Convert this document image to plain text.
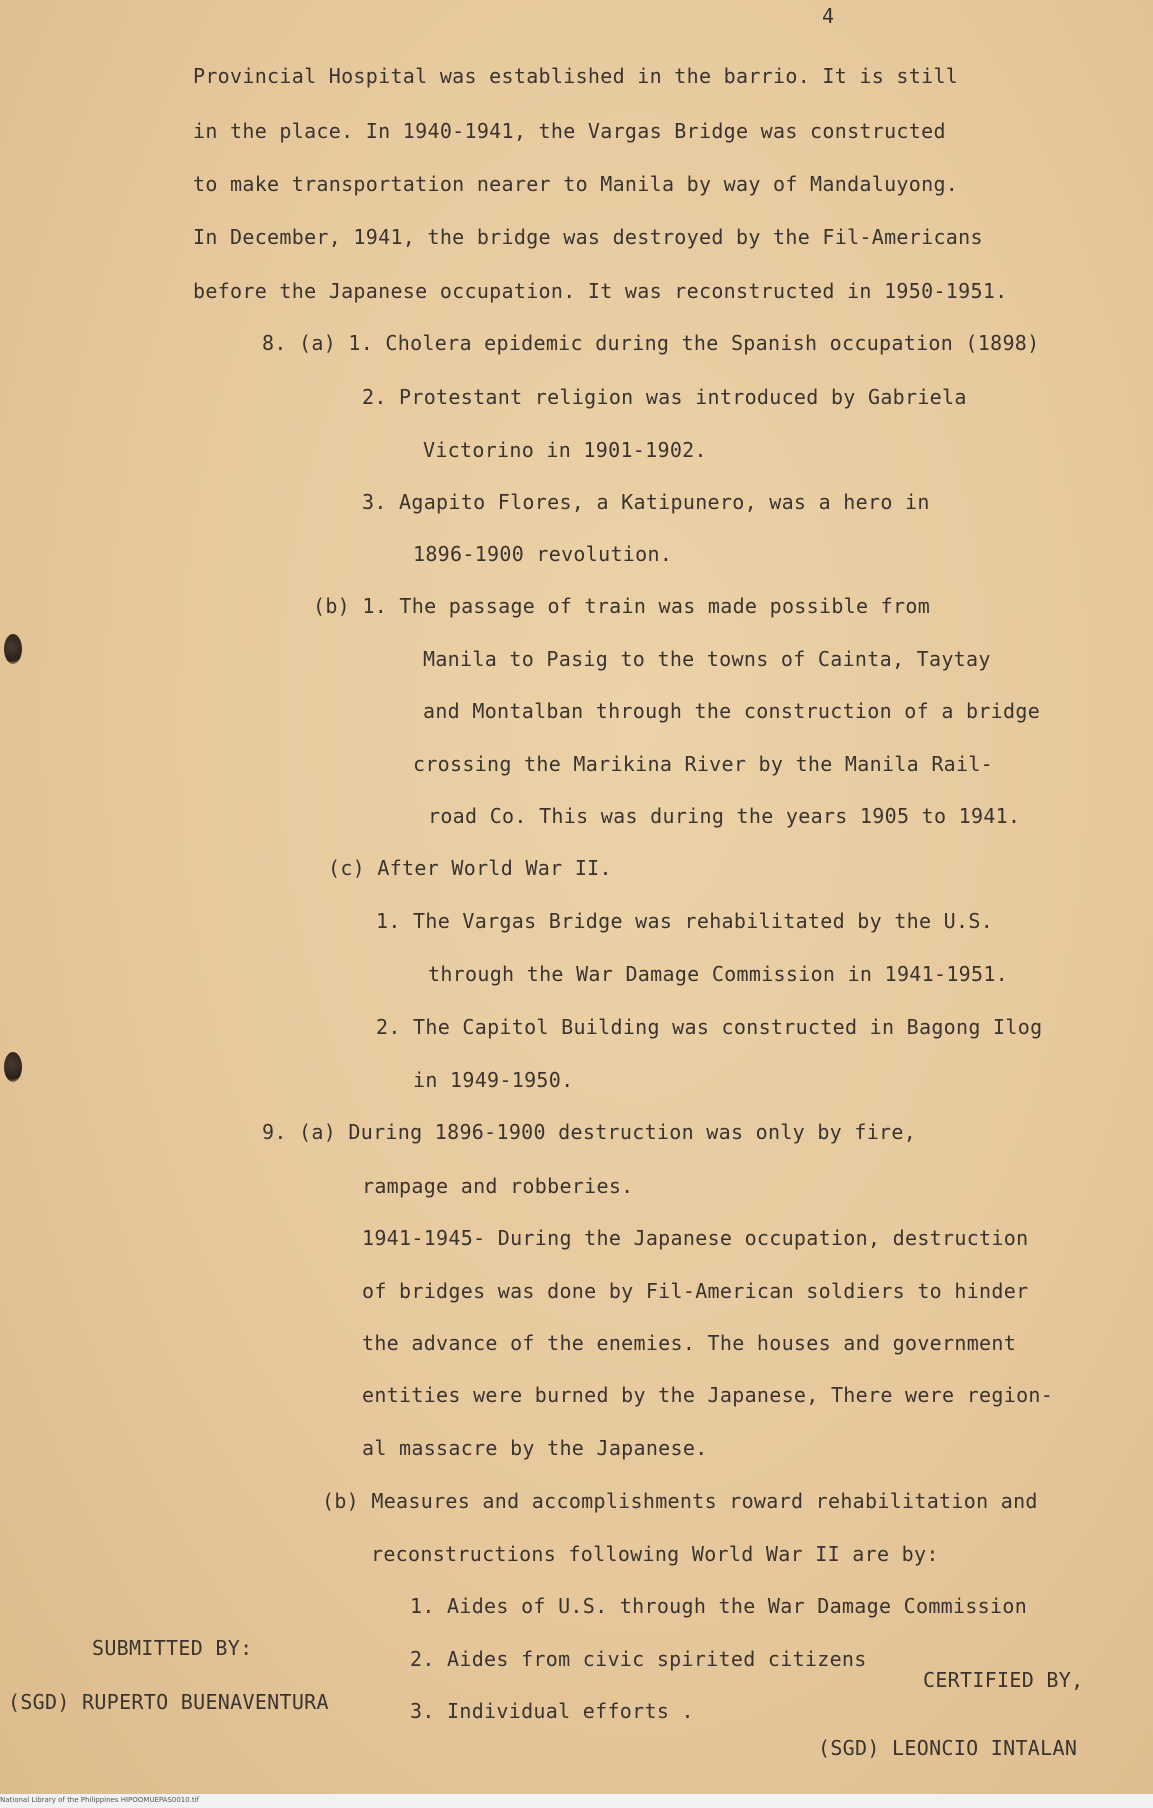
4
Provincial Hospital was established in the barrio. It is still
in the place. In 1940-1941, the Vargas Bridge was constructed
to make transportation nearer to Manila by way of Mandaluyong.
In December, 1941, the bridge was destroyed by the Fil-Americans
before the Japanese occupation. It was reconstructed in 1950-1951.
8. (a) 1. Cholera epidemic during the Spanish occupation (1898)
2. Protestant religion was introduced by Gabriela
Victorino in 1901-1902.
3. Agapito Flores, a Katipunero, was a hero in
1896-1900 revolution.
(b) 1. The passage of train was made possible from
Manila to Pasig to the towns of Cainta, Taytay
and Montalban through the construction of a bridge
crossing the Marikina River by the Manila Rail-
road Co. This was during the years 1905 to 1941.
(c) After World War II.
1. The Vargas Bridge was rehabilitated by the U.S.
through the War Damage Commission in 1941-1951.
2. The Capitol Building was constructed in Bagong Ilog
in 1949-1950.
9. (a) During 1896-1900 destruction was only by fire,
rampage and robberies.
1941-1945- During the Japanese occupation, destruction
of bridges was done by Fil-American soldiers to hinder
the advance of the enemies. The houses and government
entities were burned by the Japanese, There were region-
al massacre by the Japanese.
(b) Measures and accomplishments roward rehabilitation and
reconstructions following World War II are by:
1. Aides of U.S. through the War Damage Commission
2. Aides from civic spirited citizens
3. Individual efforts .
SUBMITTED BY:
(SGD) RUPERTO BUENAVENTURA
CERTIFIED BY,
(SGD) LEONCIO INTALAN
National Library of the Philippines HIPOOMUEPAS0010.tif
